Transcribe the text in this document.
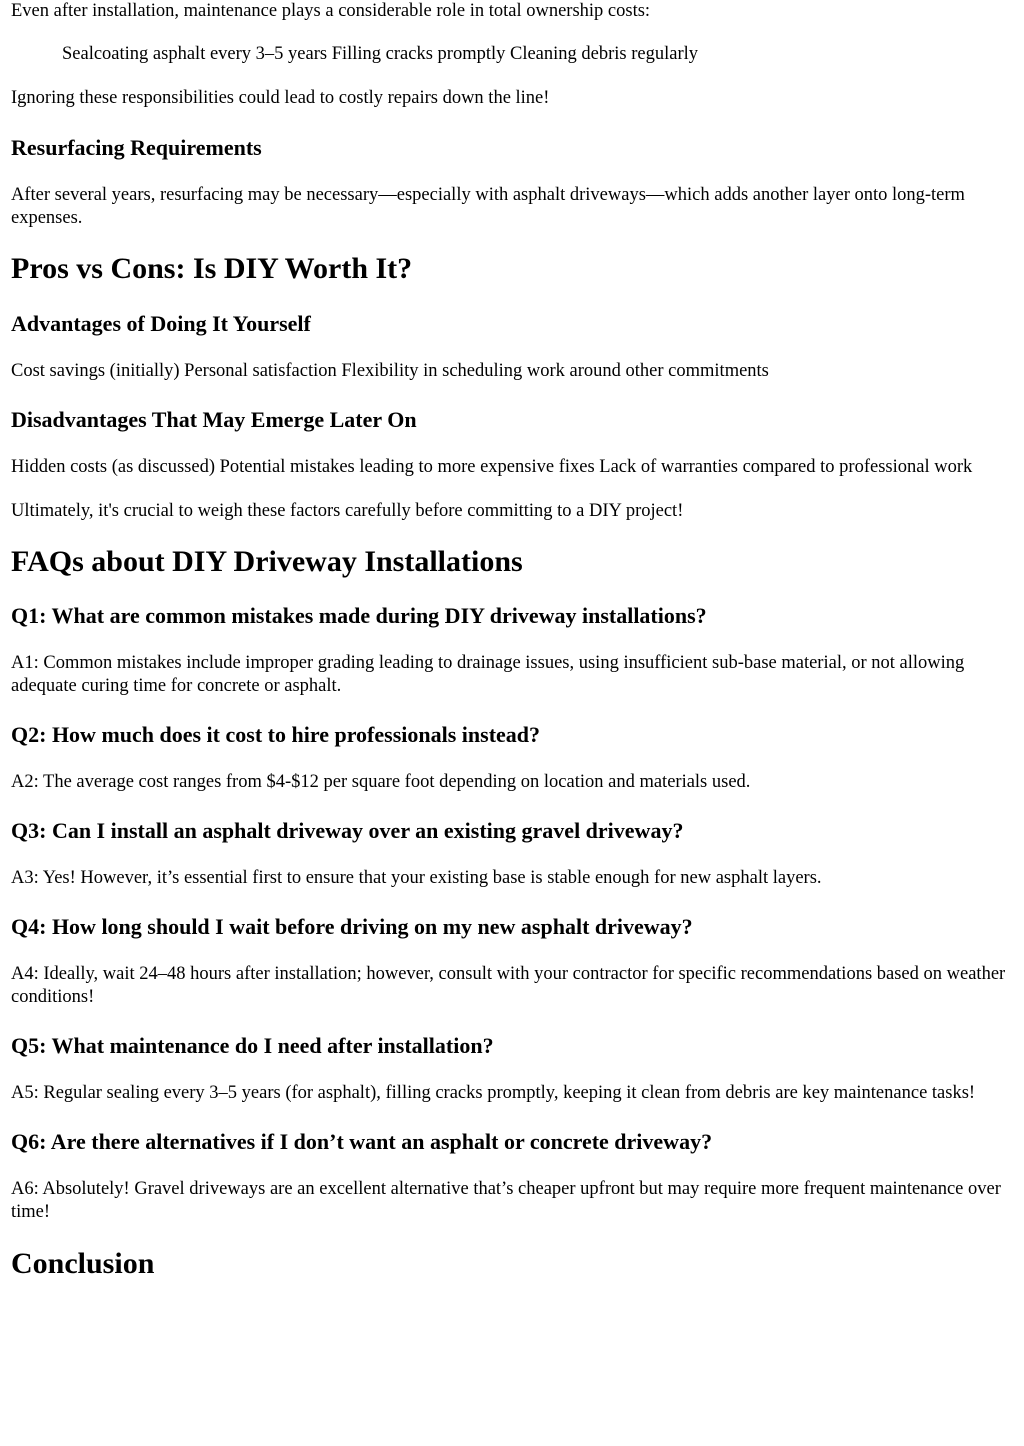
Even after installation, maintenance plays a considerable role in total ownership costs:

Sealcoating asphalt every 3–5 years Filling cracks promptly Cleaning debris regularly

Ignoring these responsibilities could lead to costly repairs down the line!

Resurfacing Requirements

After several years, resurfacing may be necessary—especially with asphalt driveways—which adds another layer onto long-term expenses.

Pros vs Cons: Is DIY Worth It?
Advantages of Doing It Yourself

Cost savings (initially) Personal satisfaction Flexibility in scheduling work around other commitments

Disadvantages That May Emerge Later On

Hidden costs (as discussed) Potential mistakes leading to more expensive fixes Lack of warranties compared to professional work

Ultimately, it's crucial to weigh these factors carefully before committing to a DIY project!

FAQs about DIY Driveway Installations
Q1: What are common mistakes made during DIY driveway installations?

A1: Common mistakes include improper grading leading to drainage issues, using insufficient sub-base material, or not allowing adequate curing time for concrete or asphalt.

Q2: How much does it cost to hire professionals instead?

A2: The average cost ranges from $4-$12 per square foot depending on location and materials used.

Q3: Can I install an asphalt driveway over an existing gravel driveway?

A3: Yes! However, it’s essential first to ensure that your existing base is stable enough for new asphalt layers.

Q4: How long should I wait before driving on my new asphalt driveway?

A4: Ideally, wait 24–48 hours after installation; however, consult with your contractor for specific recommendations based on weather conditions!

Q5: What maintenance do I need after installation?

A5: Regular sealing every 3–5 years (for asphalt), filling cracks promptly, keeping it clean from debris are key maintenance tasks!

Q6: Are there alternatives if I don’t want an asphalt or concrete driveway?

A6: Absolutely! Gravel driveways are an excellent alternative that’s cheaper upfront but may require more frequent maintenance over time!

Conclusion
